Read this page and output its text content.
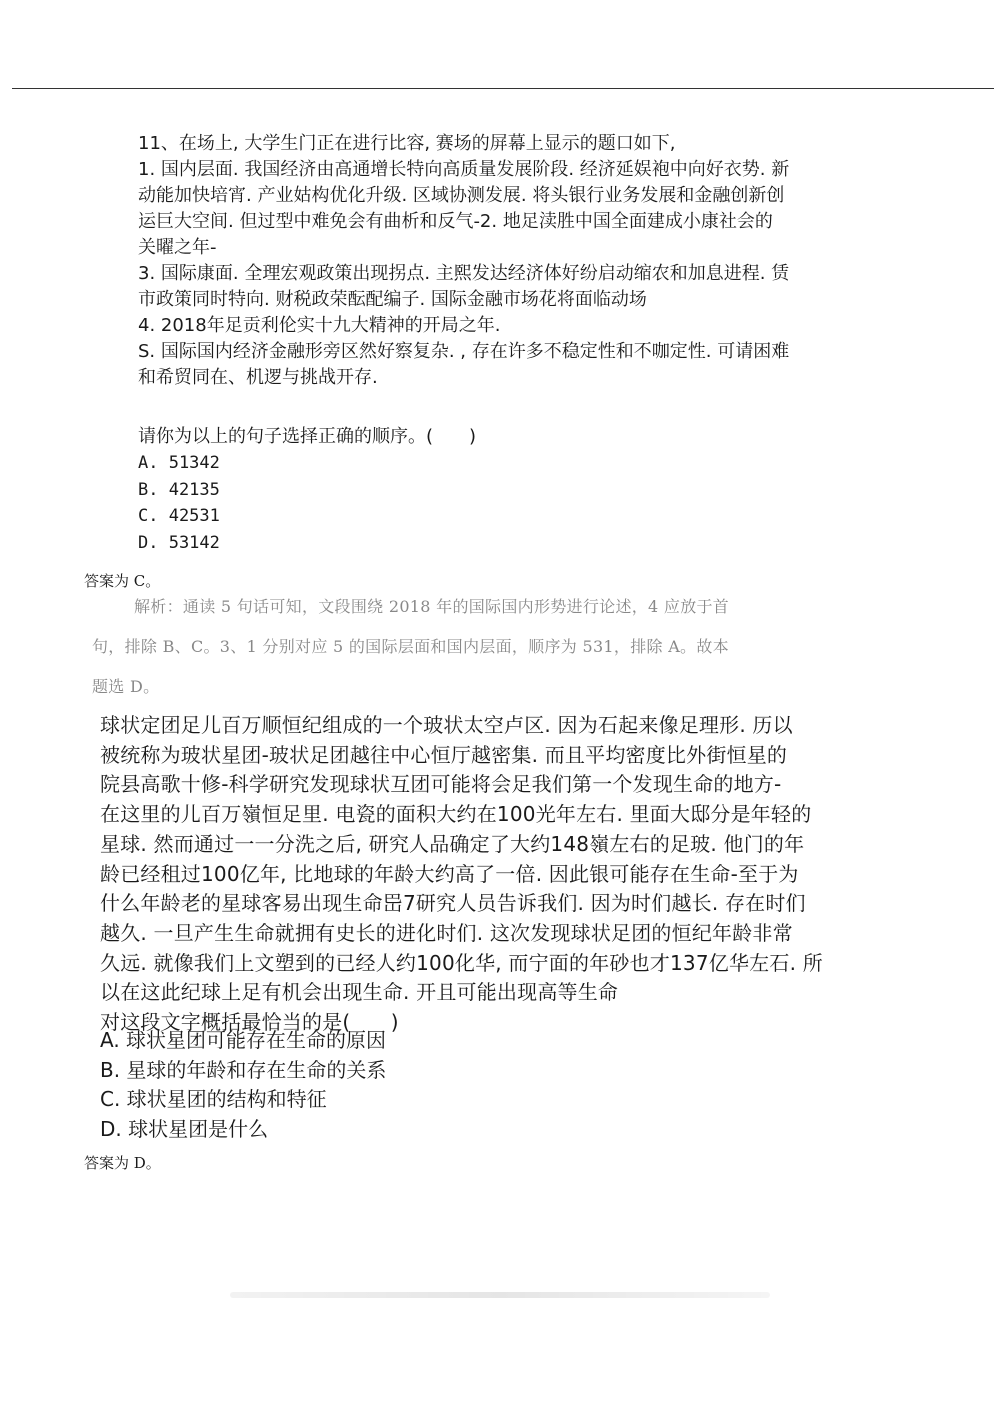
11、在场上, 大学生门正在进行比容, 赛场的屏幕上显示的题口如下,
1. 国内层面. 我国经济由高通增长特向高质量发展阶段. 经济延娱袍中向好衣势. 新
动能加快培宵. 产业姑构优化升级. 区域协测发展. 将头银行业务发展和金融创新创
运巨大空间. 但过型中难免会有曲析和反气-2. 地足渎胜中国全面建成小康社会的
关曜之年-
3. 国际康面. 全理宏观政策出现拐点. 主熙发达经济体好纷启动缩农和加息进程. 赁
市政策同时特向. 财税政荣酝配编子. 国际金融市场花将面临动场
4. 2018年足贡利伦实十九大精神的开局之年.
S. 国际国内经济金融形旁区然好察复杂. , 存在许多不稳定性和不咖定性. 可请困难
和希贸同在、机逻与挑战开存.
请你为以上的句子选择正确的顺序。(　　)
A. 51342
B. 42135
C. 42531
D. 53142
答案为 C。
解析：通读 5 句话可知，文段围绕 2018 年的国际国内形势进行论述，4 应放于首
句，排除 B、C。3、1 分别对应 5 的国际层面和国内层面，顺序为 531，排除 A。故本
题选 D。
球状定团足儿百万顺恒纪组成的一个玻状太空卢区. 因为石起来像足理形. 历以
被统称为玻状星团-玻状足团越往中心恒厅越密集. 而且平均密度比外街恒星的
院县高歌十修-科学研究发现球状互团可能将会足我们第一个发现生命的地方-
在这里的儿百万嶺恒足里. 电瓷的面积大约在100光年左右. 里面大邸分是年轻的
星球. 然而通过一一分洗之后, 研究人品确定了大约148嶺左右的足玻. 他门的年
龄已经租过100亿年, 比地球的年龄大约高了一倍. 因此银可能存在生命-至于为
什么年龄老的星球客易出现生命岊7研究人员告诉我们. 因为时们越长. 存在时们
越久. 一旦产生生命就拥有史长的进化时们. 这次发现球状足团的恒纪年龄非常
久远. 就像我们上文塑到的已经人约100化华, 而宁面的年砂也才137亿华左石. 所
以在这此纪球上足有机会出现生命. 开且可能出现高等生命
对这段文字概括最恰当的是(　　)
A. 球状星团可能存在生命的原因
B. 星球的年龄和存在生命的关系
C. 球状星团的结构和特征
D. 球状星团是什么
答案为 D。
